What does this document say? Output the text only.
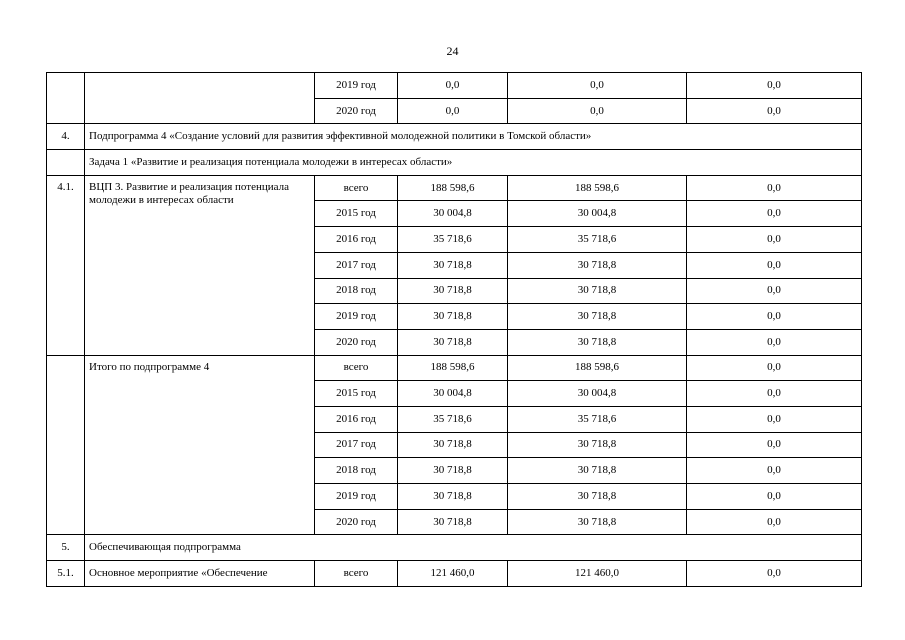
24
		2019 год	0,0	0,0	0,0
		2020 год	0,0	0,0	0,0
4.	Подпрограмма 4 «Создание условий для развития эффективной молодежной политики в Томской области»				
	Задача 1 «Развитие и реализация потенциала молодежи в интересах области»				
4.1.	ВЦП 3. Развитие и реализация потенциала молодежи в интересах области	всего	188 598,6	188 598,6	0,0
		2015 год	30 004,8	30 004,8	0,0
		2016 год	35 718,6	35 718,6	0,0
		2017 год	30 718,8	30 718,8	0,0
		2018 год	30 718,8	30 718,8	0,0
		2019 год	30 718,8	30 718,8	0,0
		2020 год	30 718,8	30 718,8	0,0
	Итого по подпрограмме 4	всего	188 598,6	188 598,6	0,0
		2015 год	30 004,8	30 004,8	0,0
		2016 год	35 718,6	35 718,6	0,0
		2017 год	30 718,8	30 718,8	0,0
		2018 год	30 718,8	30 718,8	0,0
		2019 год	30 718,8	30 718,8	0,0
		2020 год	30 718,8	30 718,8	0,0
5.	Обеспечивающая подпрограмма				
5.1.	Основное мероприятие «Обеспечение	всего	121 460,0	121 460,0	0,0
